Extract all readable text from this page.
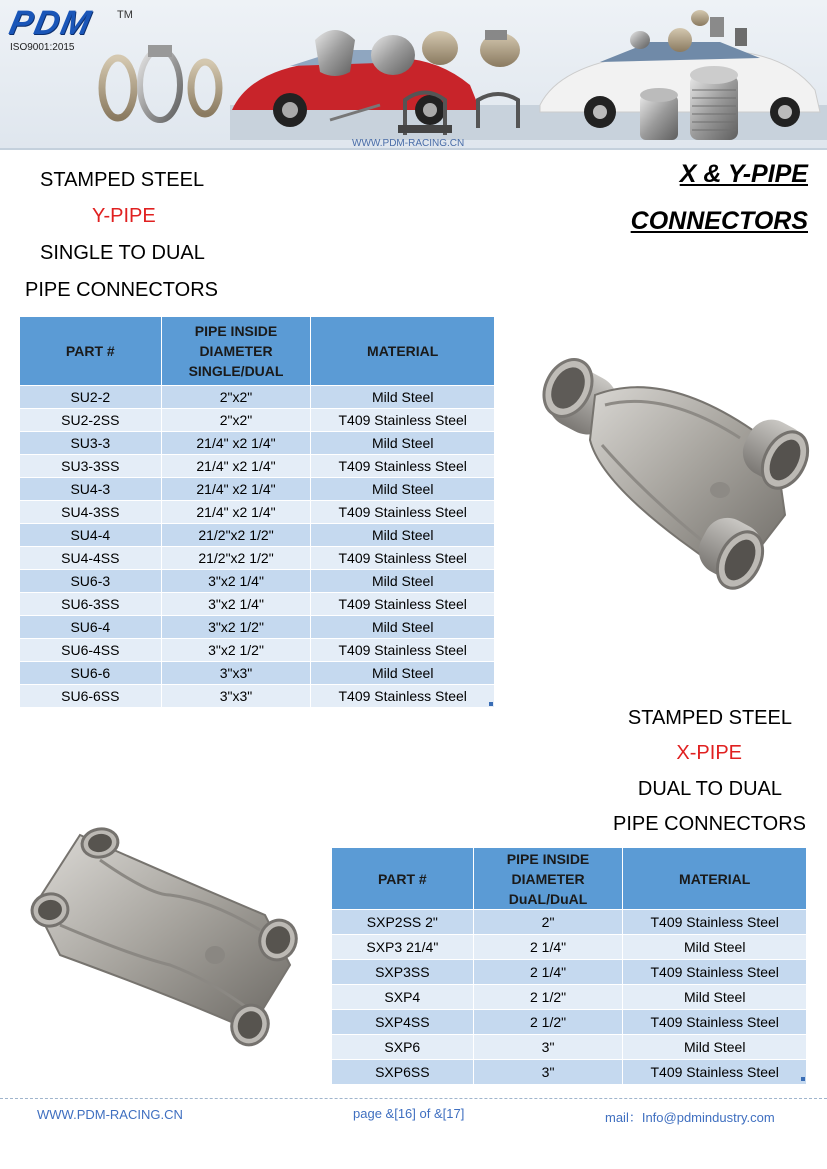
PDM TM
ISO9001:2015
WWW.PDM-RACING.CN
X & Y-PIPE
CONNECTORS
STAMPED STEEL
Y-PIPE
SINGLE TO DUAL
PIPE CONNECTORS
PART #	PIPE INSIDE
DIAMETER
SINGLE/DUAL	MATERIAL
SU2-2	2"x2"	Mild Steel
SU2-2SS	2"x2"	T409 Stainless Steel
SU3-3	21/4" x2 1/4"	Mild Steel
SU3-3SS	21/4" x2 1/4"	T409 Stainless Steel
SU4-3	21/4" x2 1/4"	Mild Steel
SU4-3SS	21/4" x2 1/4"	T409 Stainless Steel
SU4-4	21/2"x2 1/2"	Mild Steel
SU4-4SS	21/2"x2 1/2"	T409 Stainless Steel
SU6-3	3"x2 1/4"	Mild Steel
SU6-3SS	3"x2 1/4"	T409 Stainless Steel
SU6-4	3"x2 1/2"	Mild Steel
SU6-4SS	3"x2 1/2"	T409 Stainless Steel
SU6-6	3"x3"	Mild Steel
SU6-6SS	3"x3"	T409 Stainless Steel
STAMPED STEEL
X-PIPE
DUAL TO DUAL
PIPE CONNECTORS
PART #	PIPE INSIDE
DIAMETER
DuAL/DuAL	MATERIAL
SXP2SS 2"	2"	T409 Stainless Steel
SXP3 21/4"	2 1/4"	Mild Steel
SXP3SS	2 1/4"	T409 Stainless Steel
SXP4	2 1/2"	Mild Steel
SXP4SS	2 1/2"	T409 Stainless Steel
SXP6	3"	Mild Steel
SXP6SS	3"	T409 Stainless Steel
WWW.PDM-RACING.CN	page &[16] of &[17]	mail：Info@pdmindustry.com
